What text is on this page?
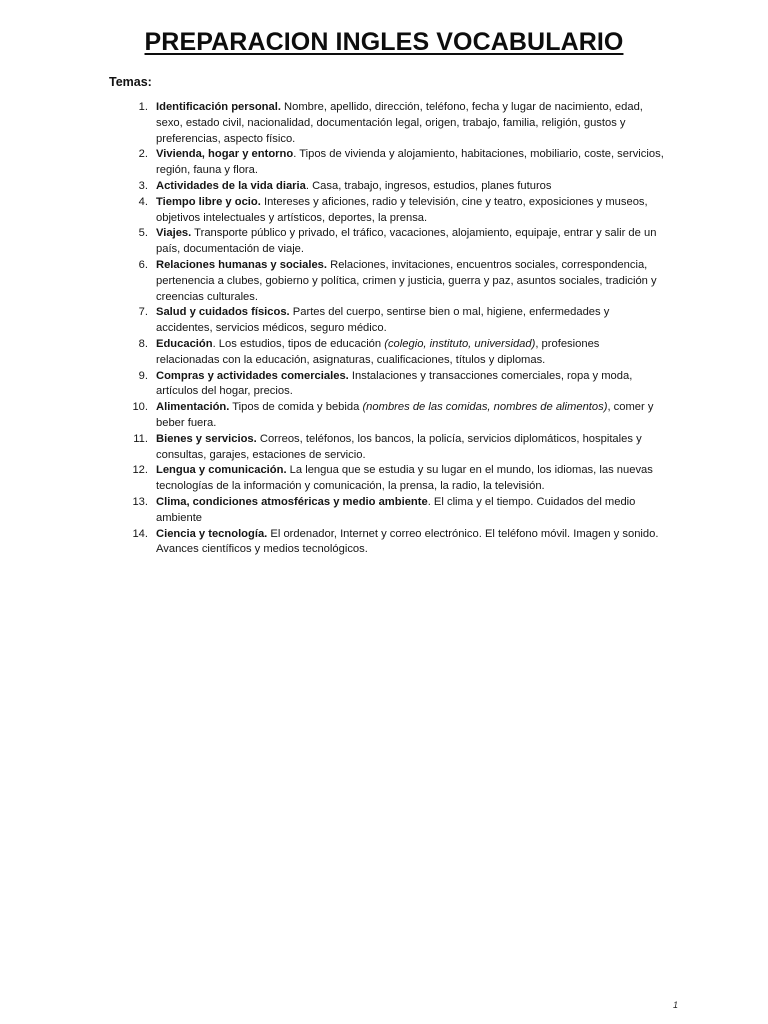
PREPARACION INGLES VOCABULARIO
Temas:
1. Identificación personal. Nombre, apellido, dirección, teléfono, fecha y lugar de nacimiento, edad, sexo, estado civil, nacionalidad, documentación legal, origen, trabajo, familia, religión, gustos y preferencias, aspecto físico.
2. Vivienda, hogar y entorno. Tipos de vivienda y alojamiento, habitaciones, mobiliario, coste, servicios, región, fauna y flora.
3. Actividades de la vida diaria. Casa, trabajo, ingresos, estudios, planes futuros
4. Tiempo libre y ocio. Intereses y aficiones, radio y televisión, cine y teatro, exposiciones y museos, objetivos intelectuales y artísticos, deportes, la prensa.
5. Viajes. Transporte público y privado, el tráfico, vacaciones, alojamiento, equipaje, entrar y salir de un país, documentación de viaje.
6. Relaciones humanas y sociales. Relaciones, invitaciones, encuentros sociales, correspondencia, pertenencia a clubes, gobierno y política, crimen y justicia, guerra y paz, asuntos sociales, tradición y creencias culturales.
7. Salud y cuidados físicos. Partes del cuerpo, sentirse bien o mal, higiene, enfermedades y accidentes, servicios médicos, seguro médico.
8. Educación. Los estudios, tipos de educación (colegio, instituto, universidad), profesiones relacionadas con la educación, asignaturas, cualificaciones, títulos y diplomas.
9. Compras y actividades comerciales. Instalaciones y transacciones comerciales, ropa y moda, artículos del hogar, precios.
10. Alimentación. Tipos de comida y bebida (nombres de las comidas, nombres de alimentos), comer y beber fuera.
11. Bienes y servicios. Correos, teléfonos, los bancos, la policía, servicios diplomáticos, hospitales y consultas, garajes, estaciones de servicio.
12. Lengua y comunicación. La lengua que se estudia y su lugar en el mundo, los idiomas, las nuevas tecnologías de la información y comunicación, la prensa, la radio, la televisión.
13. Clima, condiciones atmosféricas y medio ambiente. El clima y el tiempo. Cuidados del medio ambiente
14. Ciencia y tecnología. El ordenador, Internet y correo electrónico. El teléfono móvil. Imagen y sonido. Avances científicos y medios tecnológicos.
1
